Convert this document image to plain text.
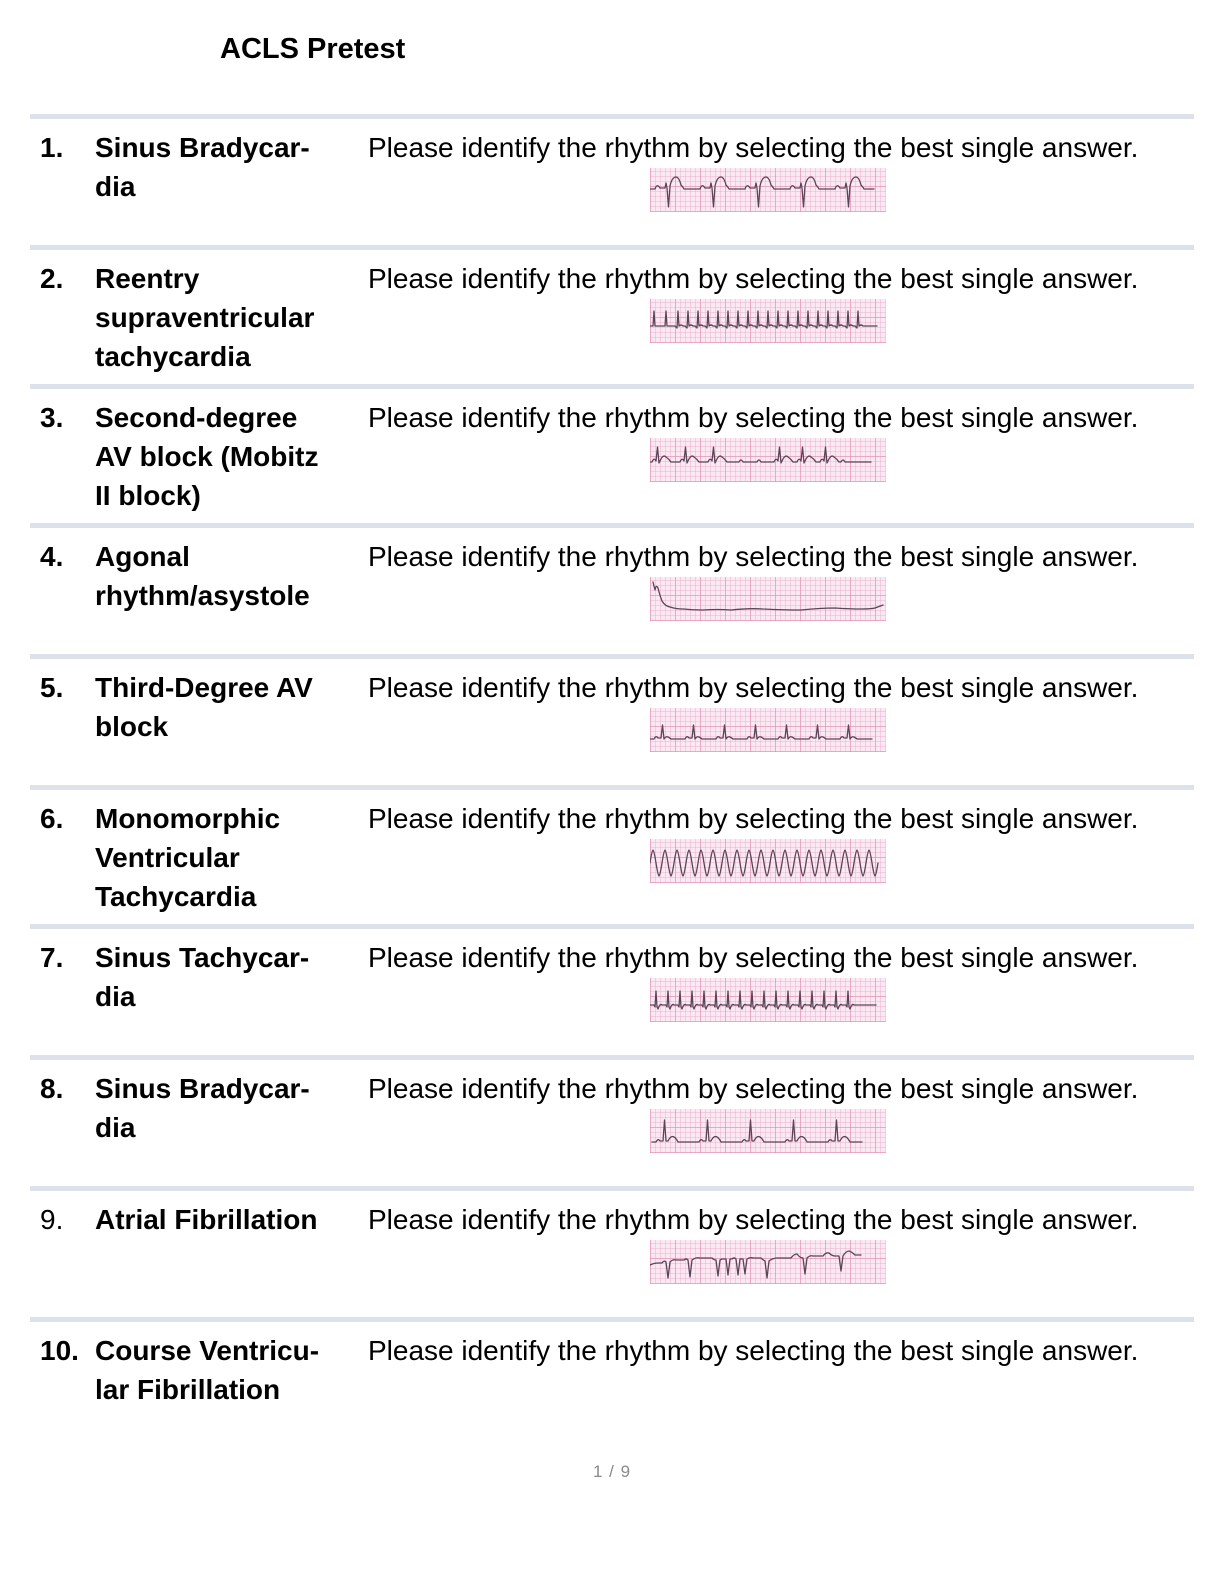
ACLS Pretest
1.	Sinus Bradycar-
dia
Please identify the rhythm by selecting the best single answer.
2.	Reentry
supraventricular
tachycardia
Please identify the rhythm by selecting the best single answer.
3.	Second-degree
AV block (Mobitz
II block)
Please identify the rhythm by selecting the best single answer.
4.	Agonal
rhythm/asystole
Please identify the rhythm by selecting the best single answer.
5.	Third-Degree AV
block
Please identify the rhythm by selecting the best single answer.
6.	Monomorphic
Ventricular
Tachycardia
Please identify the rhythm by selecting the best single answer.
7.	Sinus Tachycar-
dia
Please identify the rhythm by selecting the best single answer.
8.	Sinus Bradycar-
dia
Please identify the rhythm by selecting the best single answer.
9.	Atrial Fibrillation	Please identify the rhythm by selecting the best single answer.
10. Course Ventricu-
lar Fibrillation
Please identify the rhythm by selecting the best single answer.
1 / 9
